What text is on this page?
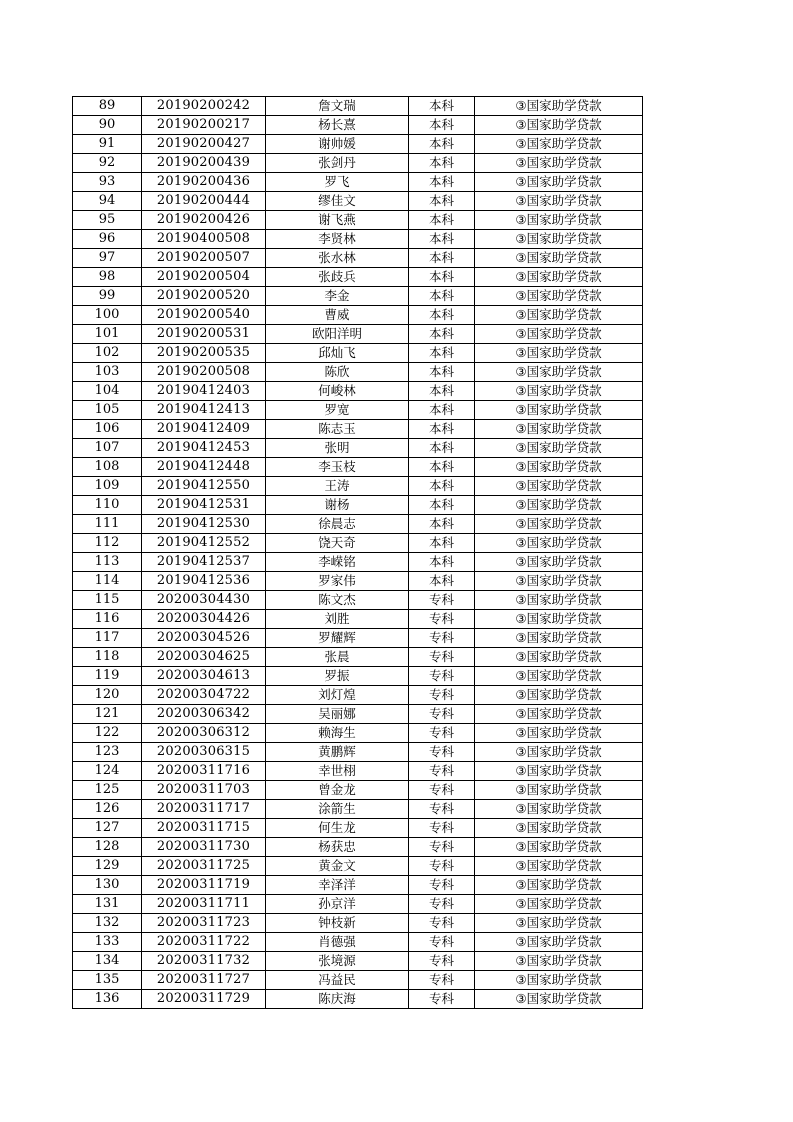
89	20190200242	詹文瑞	本科	③国家助学贷款
90	20190200217	杨长熹	本科	③国家助学贷款
91	20190200427	谢帅媛	本科	③国家助学贷款
92	20190200439	张剑丹	本科	③国家助学贷款
93	20190200436	罗飞	本科	③国家助学贷款
94	20190200444	缪佳文	本科	③国家助学贷款
95	20190200426	谢飞燕	本科	③国家助学贷款
96	20190400508	李贤林	本科	③国家助学贷款
97	20190200507	张水林	本科	③国家助学贷款
98	20190200504	张歧兵	本科	③国家助学贷款
99	20190200520	李金	本科	③国家助学贷款
100	20190200540	曹威	本科	③国家助学贷款
101	20190200531	欧阳洋明	本科	③国家助学贷款
102	20190200535	邱灿飞	本科	③国家助学贷款
103	20190200508	陈欣	本科	③国家助学贷款
104	20190412403	何峻林	本科	③国家助学贷款
105	20190412413	罗宽	本科	③国家助学贷款
106	20190412409	陈志玉	本科	③国家助学贷款
107	20190412453	张明	本科	③国家助学贷款
108	20190412448	李玉枝	本科	③国家助学贷款
109	20190412550	王涛	本科	③国家助学贷款
110	20190412531	谢杨	本科	③国家助学贷款
111	20190412530	徐晨志	本科	③国家助学贷款
112	20190412552	饶天奇	本科	③国家助学贷款
113	20190412537	李嵘铭	本科	③国家助学贷款
114	20190412536	罗家伟	本科	③国家助学贷款
115	20200304430	陈文杰	专科	③国家助学贷款
116	20200304426	刘胜	专科	③国家助学贷款
117	20200304526	罗耀辉	专科	③国家助学贷款
118	20200304625	张晨	专科	③国家助学贷款
119	20200304613	罗振	专科	③国家助学贷款
120	20200304722	刘灯煌	专科	③国家助学贷款
121	20200306342	吴丽娜	专科	③国家助学贷款
122	20200306312	赖海生	专科	③国家助学贷款
123	20200306315	黄鹏辉	专科	③国家助学贷款
124	20200311716	幸世栩	专科	③国家助学贷款
125	20200311703	曾金龙	专科	③国家助学贷款
126	20200311717	涂箭生	专科	③国家助学贷款
127	20200311715	何生龙	专科	③国家助学贷款
128	20200311730	杨获忠	专科	③国家助学贷款
129	20200311725	黄金文	专科	③国家助学贷款
130	20200311719	幸泽洋	专科	③国家助学贷款
131	20200311711	孙京洋	专科	③国家助学贷款
132	20200311723	钟枝新	专科	③国家助学贷款
133	20200311722	肖德强	专科	③国家助学贷款
134	20200311732	张境源	专科	③国家助学贷款
135	20200311727	冯益民	专科	③国家助学贷款
136	20200311729	陈庆海	专科	③国家助学贷款
